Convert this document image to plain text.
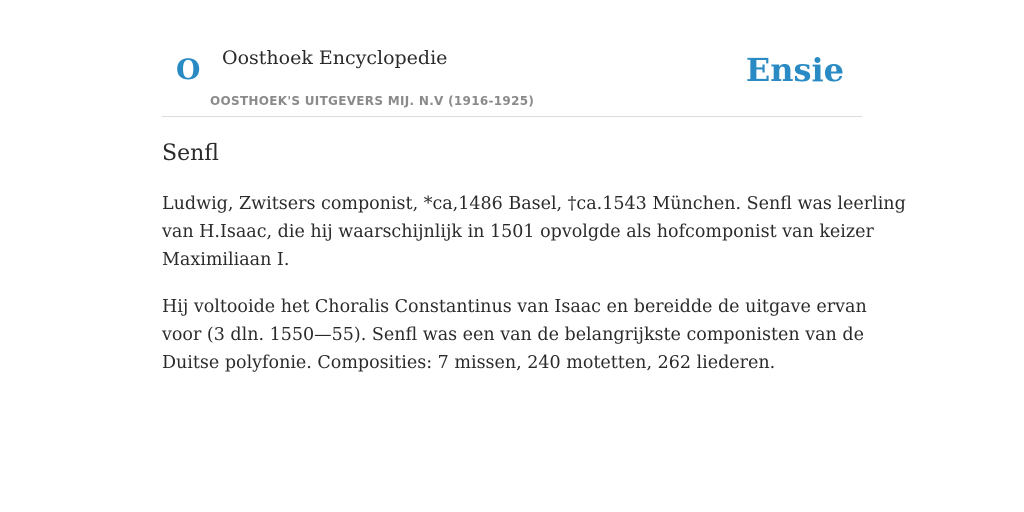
O Oosthoek Encyclopedie
OOSTHOEK'S UITGEVERS MIJ. N.V (1916-1925)
Ensie
Senfl

Ludwig, Zwitsers componist, *ca,1486 Basel, †ca.1543 München. Senfl was leerling
van H.Isaac, die hij waarschijnlijk in 1501 opvolgde als hofcomponist van keizer
Maximiliaan I.

Hij voltooide het Choralis Constantinus van Isaac en bereidde de uitgave ervan
voor (3 dln. 1550—55). Senfl was een van de belangrijkste componisten van de
Duitse polyfonie. Composities: 7 missen, 240 motetten, 262 liederen.
